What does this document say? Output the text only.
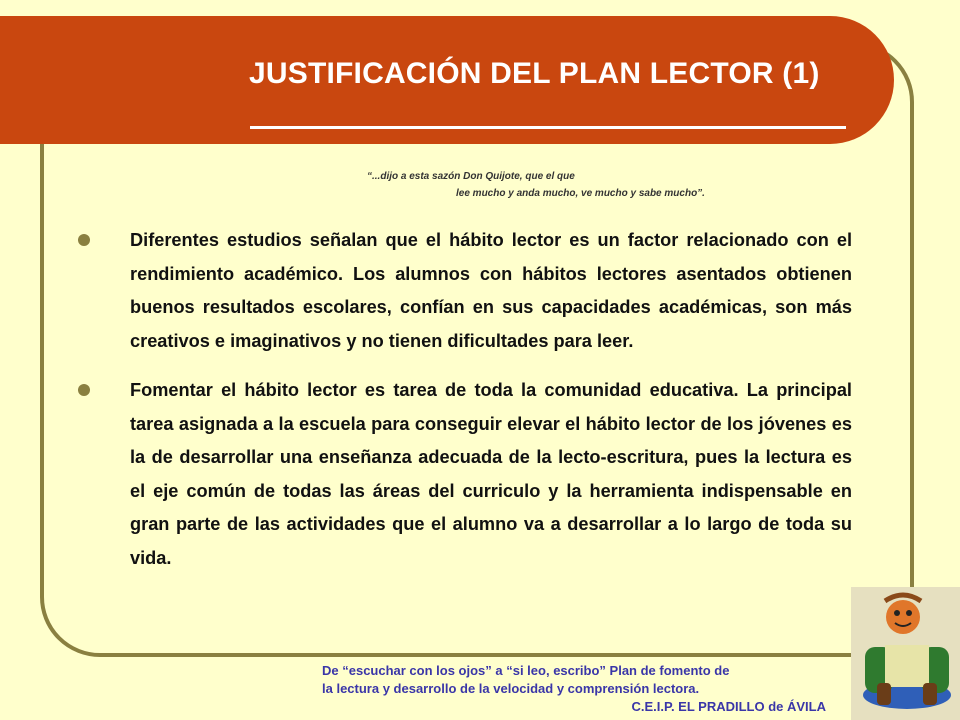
JUSTIFICACIÓN DEL PLAN LECTOR (1)
“...dijo a esta sazón Don Quijote, que el que
lee mucho y anda mucho, ve mucho y sabe mucho”.
Diferentes estudios señalan que el hábito lector es un factor relacionado con el rendimiento académico. Los alumnos con hábitos lectores asentados obtienen buenos resultados escolares, confían en sus capacidades académicas, son más creativos e imaginativos y no tienen dificultades para leer.
Fomentar el hábito lector es tarea de toda la comunidad educativa. La principal tarea asignada a la escuela para conseguir elevar el hábito lector de los jóvenes es la de desarrollar una enseñanza adecuada de la lecto-escritura, pues la lectura es el eje común de todas las áreas del curriculo y la herramienta indispensable en gran parte de las actividades que el alumno va a desarrollar a lo largo de toda su vida.
De “escuchar con los ojos” a “si leo, escribo” Plan de fomento de
la lectura y desarrollo de la velocidad y comprensión lectora.
C.E.I.P. EL PRADILLO de ÁVILA
